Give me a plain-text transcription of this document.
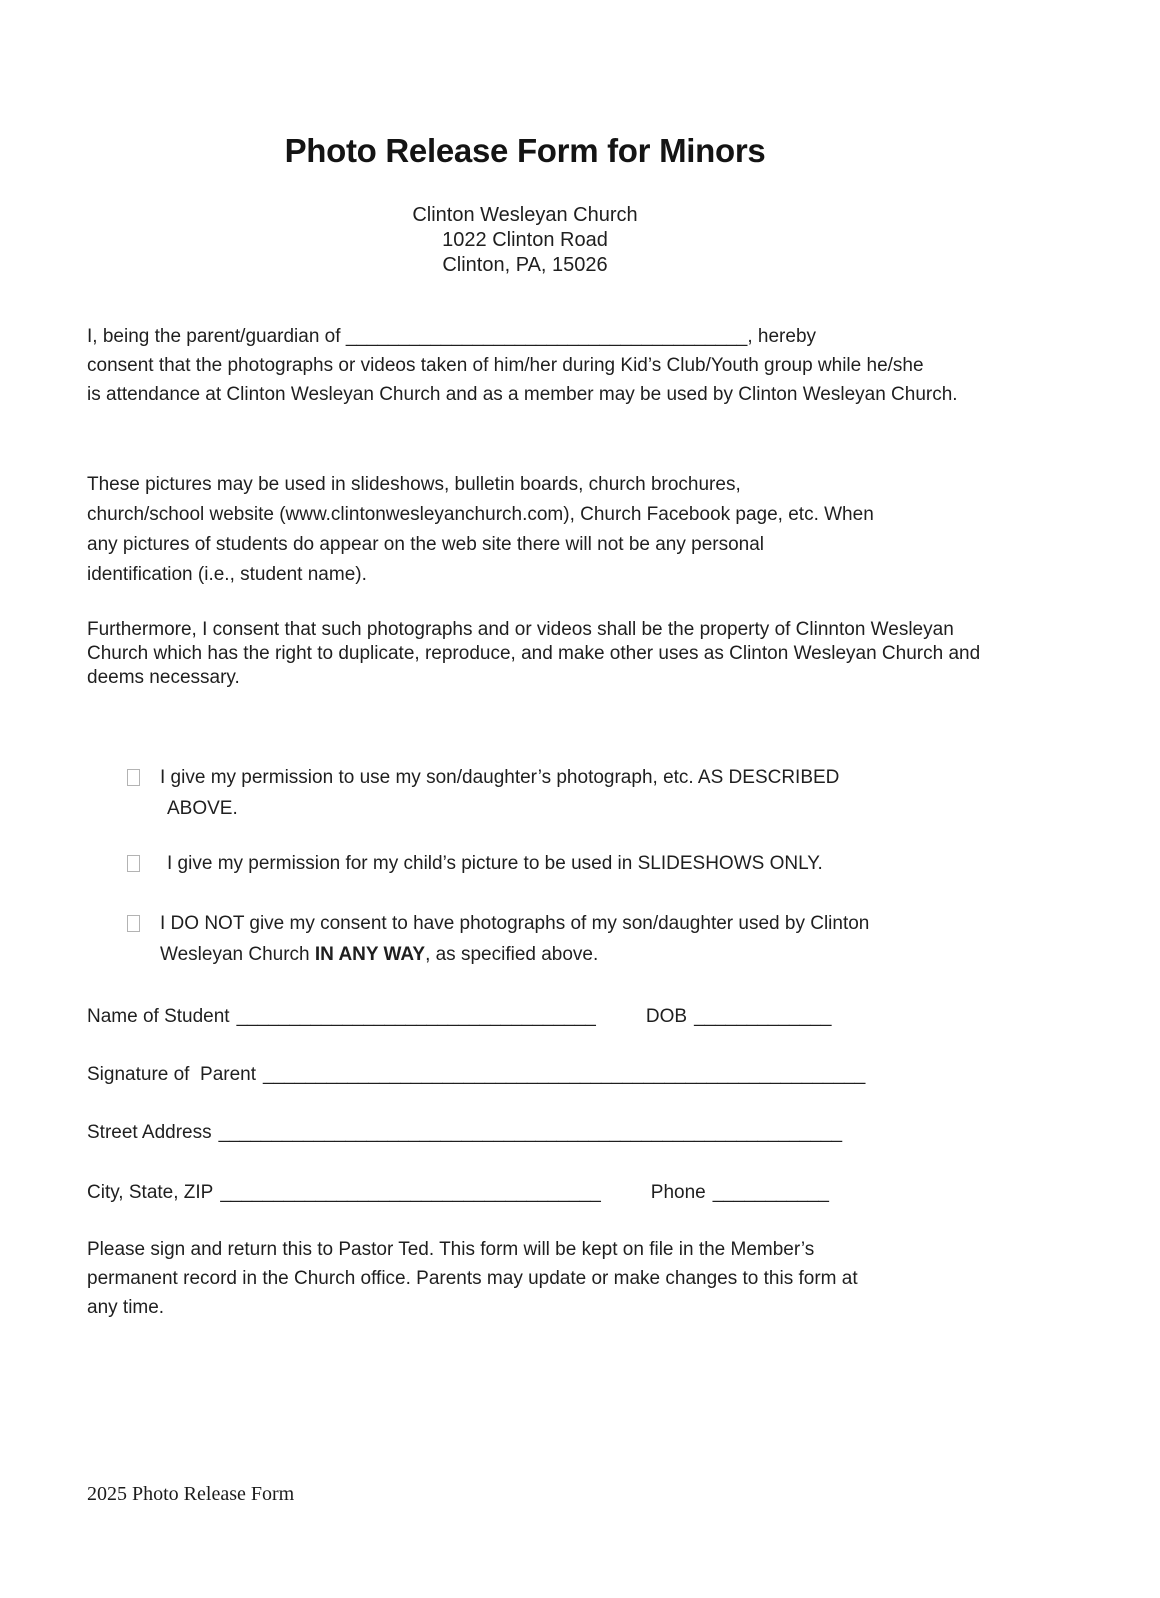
Photo Release Form for Minors
Clinton Wesleyan Church
1022 Clinton Road
Clinton, PA, 15026
I, being the parent/guardian of ______________________________________, hereby
consent that the photographs or videos taken of him/her during Kid’s Club/Youth group while he/she
is attendance at Clinton Wesleyan Church and as a member may be used by Clinton Wesleyan Church.
These pictures may be used in slideshows, bulletin boards, church brochures,
church/school website (www.clintonwesleyanchurch.com), Church Facebook page, etc. When
any pictures of students do appear on the web site there will not be any personal
identification (i.e., student name).
Furthermore, I consent that such photographs and or videos shall be the property of Clinnton Wesleyan
Church which has the right to duplicate, reproduce, and make other uses as Clinton Wesleyan Church and
deems necessary.
I give my permission to use my son/daughter’s photograph, etc. AS DESCRIBED
ABOVE.
I give my permission for my child’s picture to be used in SLIDESHOWS ONLY.
I DO NOT give my consent to have photographs of my son/daughter used by Clinton
Wesleyan Church IN ANY WAY, as specified above.
Name of Student __________________________________	DOB _____________
Signature of  Parent _________________________________________________________
Street Address ___________________________________________________________
City, State, ZIP ____________________________________	Phone ___________
Please sign and return this to Pastor Ted. This form will be kept on file in the Member’s
permanent record in the Church office. Parents may update or make changes to this form at
any time.
2025 Photo Release Form
